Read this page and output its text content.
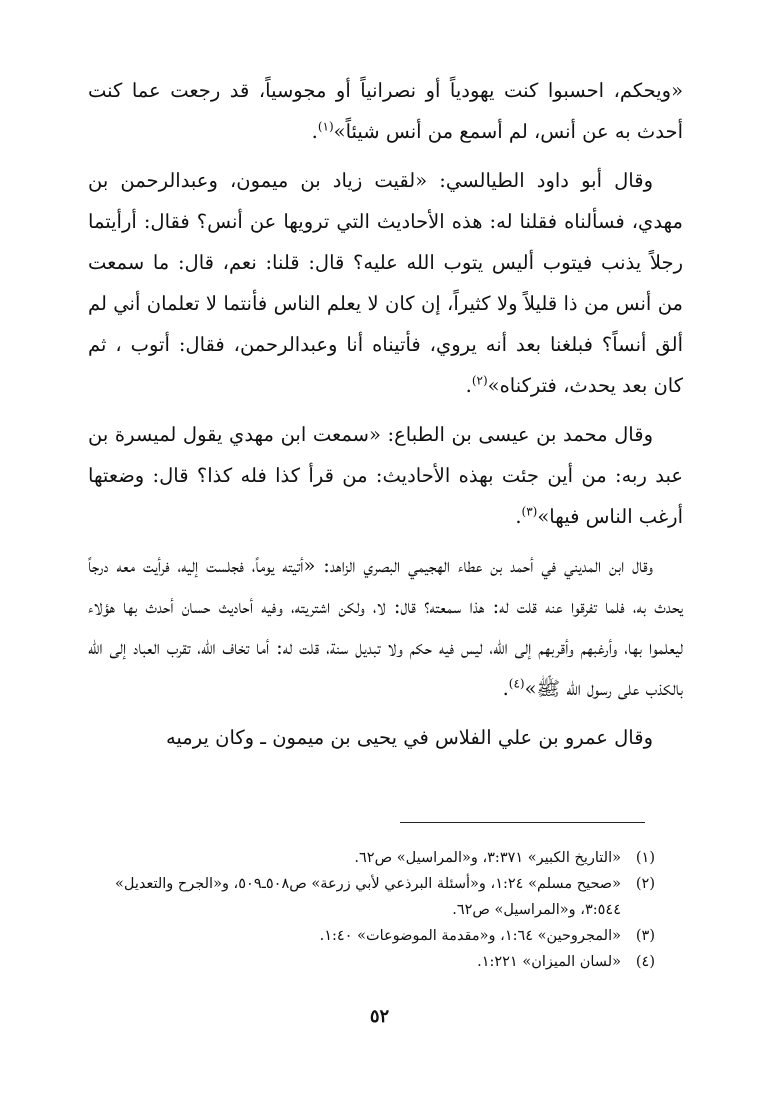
«ويحكم، احسبوا كنت يهودياً أو نصرانياً أو مجوسياً، قد رجعت عما كنت أحدث به عن أنس، لم أسمع من أنس شيئاً»$^{(١)}$.

وقال أبو داود الطيالسي: «لقيت زياد بن ميمون، وعبدالرحمن بن مهدي، فسألناه فقلنا له: هذه الأحاديث التي ترويها عن أنس؟ فقال: أرأيتما رجلاً يذنب فيتوب أليس يتوب الله عليه؟ قال: قلنا: نعم، قال: ما سمعت من أنس من ذا قليلاً ولا كثيراً، إن كان لا يعلم الناس فأنتما لا تعلمان أني لم ألق أنساً؟ فبلغنا بعد أنه يروي، فأتيناه أنا وعبدالرحمن، فقال: أتوب ، ثم كان بعد يحدث، فتركناه»$^{(٢)}$.

وقال محمد بن عيسى بن الطباع: «سمعت ابن مهدي يقول لميسرة بن عبد ربه: من أين جئت بهذه الأحاديث: من قرأ كذا فله كذا؟ قال: وضعتها أرغب الناس فيها»$^{(٣)}$.

وقال ابن المديني في أحمد بن عطاء الهجيمي البصري الزاهد: «أتيته يوماً، فجلست إليه، فرأيت معه درجاً يحدث به، فلما تفرقوا عنه قلت له: هذا سمعته؟ قال: لا، ولكن اشتريته، وفيه أحاديث حسان أحدث بها هؤلاء ليعلموا بها، وأرغبهم وأقربهم إلى الله، ليس فيه حكم ولا تبديل سنة، قلت له: أما تخاف الله، تقرب العباد إلى الله بالكذب على رسول الله ﷺ»$^{(٤)}$.

وقال عمرو بن علي الفلاس في يحيى بن ميمون ـ وكان يرميه

(١)
«التاريخ الكبير» ٣:٣٧١، و«المراسيل» ص٦٢.
(٢)
«صحيح مسلم» ١:٢٤، و«أسئلة البرذعي لأبي زرعة» ص٥٠٨ـ٥٠٩، و«الجرح والتعديل» ٣:٥٤٤، و«المراسيل» ص٦٢.
(٣)
«المجروحين» ١:٦٤، و«مقدمة الموضوعات» ١:٤٠.
(٤)
«لسان الميزان» ١:٢٢١.
٥٢
